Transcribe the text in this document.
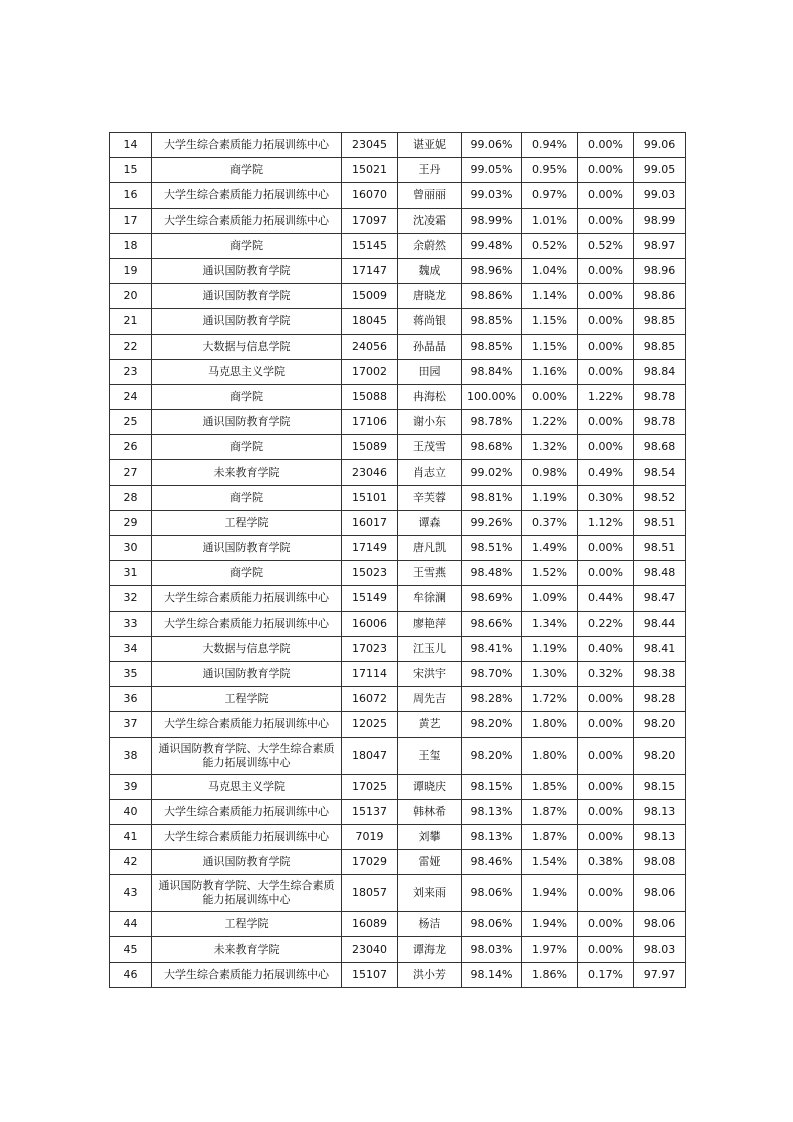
14	大学生综合素质能力拓展训练中心	23045	谌亚妮	99.06%	0.94%	0.00%	99.06
15	商学院	15021	王丹	99.05%	0.95%	0.00%	99.05
16	大学生综合素质能力拓展训练中心	16070	曾丽丽	99.03%	0.97%	0.00%	99.03
17	大学生综合素质能力拓展训练中心	17097	沈凌霜	98.99%	1.01%	0.00%	98.99
18	商学院	15145	余蔚然	99.48%	0.52%	0.52%	98.97
19	通识国防教育学院	17147	魏成	98.96%	1.04%	0.00%	98.96
20	通识国防教育学院	15009	唐晓龙	98.86%	1.14%	0.00%	98.86
21	通识国防教育学院	18045	蒋尚银	98.85%	1.15%	0.00%	98.85
22	大数据与信息学院	24056	孙晶晶	98.85%	1.15%	0.00%	98.85
23	马克思主义学院	17002	田园	98.84%	1.16%	0.00%	98.84
24	商学院	15088	冉海松	100.00%	0.00%	1.22%	98.78
25	通识国防教育学院	17106	谢小东	98.78%	1.22%	0.00%	98.78
26	商学院	15089	王茂雪	98.68%	1.32%	0.00%	98.68
27	未来教育学院	23046	肖志立	99.02%	0.98%	0.49%	98.54
28	商学院	15101	辛芙蓉	98.81%	1.19%	0.30%	98.52
29	工程学院	16017	谭森	99.26%	0.37%	1.12%	98.51
30	通识国防教育学院	17149	唐凡凯	98.51%	1.49%	0.00%	98.51
31	商学院	15023	王雪燕	98.48%	1.52%	0.00%	98.48
32	大学生综合素质能力拓展训练中心	15149	牟徐澜	98.69%	1.09%	0.44%	98.47
33	大学生综合素质能力拓展训练中心	16006	廖艳萍	98.66%	1.34%	0.22%	98.44
34	大数据与信息学院	17023	江玉儿	98.41%	1.19%	0.40%	98.41
35	通识国防教育学院	17114	宋洪宇	98.70%	1.30%	0.32%	98.38
36	工程学院	16072	周先吉	98.28%	1.72%	0.00%	98.28
37	大学生综合素质能力拓展训练中心	12025	黄艺	98.20%	1.80%	0.00%	98.20
38	通识国防教育学院、大学生综合素质能力拓展训练中心	18047	王玺	98.20%	1.80%	0.00%	98.20
39	马克思主义学院	17025	谭晓庆	98.15%	1.85%	0.00%	98.15
40	大学生综合素质能力拓展训练中心	15137	韩林希	98.13%	1.87%	0.00%	98.13
41	大学生综合素质能力拓展训练中心	7019	刘攀	98.13%	1.87%	0.00%	98.13
42	通识国防教育学院	17029	雷娅	98.46%	1.54%	0.38%	98.08
43	通识国防教育学院、大学生综合素质能力拓展训练中心	18057	刘来雨	98.06%	1.94%	0.00%	98.06
44	工程学院	16089	杨洁	98.06%	1.94%	0.00%	98.06
45	未来教育学院	23040	谭海龙	98.03%	1.97%	0.00%	98.03
46	大学生综合素质能力拓展训练中心	15107	洪小芳	98.14%	1.86%	0.17%	97.97
